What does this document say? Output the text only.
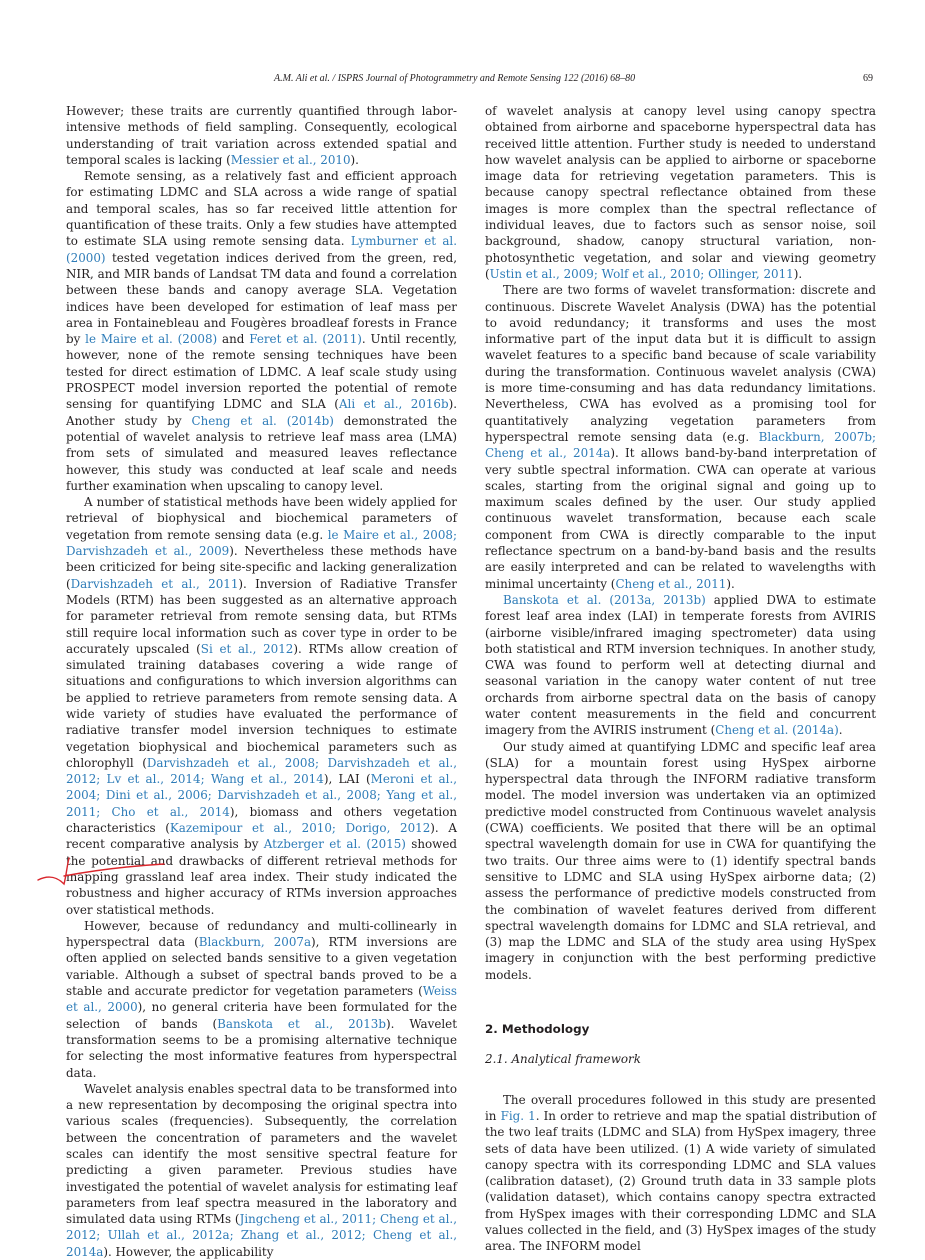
A.M. Ali et al. / ISPRS Journal of Photogrammetry and Remote Sensing 122 (2016) 68–80	69

However; these traits are currently quantified through labor-intensive methods of field sampling. Consequently, ecological understanding of trait variation across extended spatial and temporal scales is lacking (Messier et al., 2010).

Remote sensing, as a relatively fast and efficient approach for estimating LDMC and SLA across a wide range of spatial and temporal scales, has so far received little attention for quantification of these traits. Only a few studies have attempted to estimate SLA using remote sensing data. Lymburner et al. (2000) tested vegetation indices derived from the green, red, NIR, and MIR bands of Landsat TM data and found a correlation between these bands and canopy average SLA. Vegetation indices have been developed for estimation of leaf mass per area in Fontainebleau and Fougères broadleaf forests in France by le Maire et al. (2008) and Feret et al. (2011). Until recently, however, none of the remote sensing techniques have been tested for direct estimation of LDMC. A leaf scale study using PROSPECT model inversion reported the potential of remote sensing for quantifying LDMC and SLA (Ali et al., 2016b). Another study by Cheng et al. (2014b) demonstrated the potential of wavelet analysis to retrieve leaf mass area (LMA) from sets of simulated and measured leaves reflectance however, this study was conducted at leaf scale and needs further examination when upscaling to canopy level.

A number of statistical methods have been widely applied for retrieval of biophysical and biochemical parameters of vegetation from remote sensing data (e.g. le Maire et al., 2008; Darvishzadeh et al., 2009). Nevertheless these methods have been criticized for being site-specific and lacking generalization (Darvishzadeh et al., 2011). Inversion of Radiative Transfer Models (RTM) has been suggested as an alternative approach for parameter retrieval from remote sensing data, but RTMs still require local information such as cover type in order to be accurately upscaled (Si et al., 2012). RTMs allow creation of simulated training databases covering a wide range of situations and configurations to which inversion algorithms can be applied to retrieve parameters from remote sensing data. A wide variety of studies have evaluated the performance of radiative transfer model inversion techniques to estimate vegetation biophysical and biochemical parameters such as chlorophyll (Darvishzadeh et al., 2008; Darvishzadeh et al., 2012; Lv et al., 2014; Wang et al., 2014), LAI (Meroni et al., 2004; Dini et al., 2006; Darvishzadeh et al., 2008; Yang et al., 2011; Cho et al., 2014), biomass and others vegetation characteristics (Kazemipour et al., 2010; Dorigo, 2012). A recent comparative analysis by Atzberger et al. (2015) showed the potential and drawbacks of different retrieval methods for mapping grassland leaf area index. Their study indicated the robustness and higher accuracy of RTMs inversion approaches over statistical methods.

However, because of redundancy and multi-collinearly in hyperspectral data (Blackburn, 2007a), RTM inversions are often applied on selected bands sensitive to a given vegetation variable. Although a subset of spectral bands proved to be a stable and accurate predictor for vegetation parameters (Weiss et al., 2000), no general criteria have been formulated for the selection of bands (Banskota et al., 2013b). Wavelet transformation seems to be a promising alternative technique for selecting the most informative features from hyperspectral data.

Wavelet analysis enables spectral data to be transformed into a new representation by decomposing the original spectra into various scales (frequencies). Subsequently, the correlation between the concentration of parameters and the wavelet scales can identify the most sensitive spectral feature for predicting a given parameter. Previous studies have investigated the potential of wavelet analysis for estimating leaf parameters from leaf spectra measured in the laboratory and simulated data using RTMs (Jingcheng et al., 2011; Cheng et al., 2012; Ullah et al., 2012a; Zhang et al., 2012; Cheng et al., 2014a). However, the applicability

of wavelet analysis at canopy level using canopy spectra obtained from airborne and spaceborne hyperspectral data has received little attention. Further study is needed to understand how wavelet analysis can be applied to airborne or spaceborne image data for retrieving vegetation parameters. This is because canopy spectral reflectance obtained from these images is more complex than the spectral reflectance of individual leaves, due to factors such as sensor noise, soil background, shadow, canopy structural variation, non-photosynthetic vegetation, and solar and viewing geometry (Ustin et al., 2009; Wolf et al., 2010; Ollinger, 2011).

There are two forms of wavelet transformation: discrete and continuous. Discrete Wavelet Analysis (DWA) has the potential to avoid redundancy; it transforms and uses the most informative part of the input data but it is difficult to assign wavelet features to a specific band because of scale variability during the transformation. Continuous wavelet analysis (CWA) is more time-consuming and has data redundancy limitations. Nevertheless, CWA has evolved as a promising tool for quantitatively analyzing vegetation parameters from hyperspectral remote sensing data (e.g. Blackburn, 2007b; Cheng et al., 2014a). It allows band-by-band interpretation of very subtle spectral information. CWA can operate at various scales, starting from the original signal and going up to maximum scales defined by the user. Our study applied continuous wavelet transformation, because each scale component from CWA is directly comparable to the input reflectance spectrum on a band-by-band basis and the results are easily interpreted and can be related to wavelengths with minimal uncertainty (Cheng et al., 2011).

Banskota et al. (2013a, 2013b) applied DWA to estimate forest leaf area index (LAI) in temperate forests from AVIRIS (airborne visible/infrared imaging spectrometer) data using both statistical and RTM inversion techniques. In another study, CWA was found to perform well at detecting diurnal and seasonal variation in the canopy water content of nut tree orchards from airborne spectral data on the basis of canopy water content measurements in the field and concurrent imagery from the AVIRIS instrument (Cheng et al. (2014a).

Our study aimed at quantifying LDMC and specific leaf area (SLA) for a mountain forest using HySpex airborne hyperspectral data through the INFORM radiative transform model. The model inversion was undertaken via an optimized predictive model constructed from Continuous wavelet analysis (CWA) coefficients. We posited that there will be an optimal spectral wavelength domain for use in CWA for quantifying the two traits. Our three aims were to (1) identify spectral bands sensitive to LDMC and SLA using HySpex airborne data; (2) assess the performance of predictive models constructed from the combination of wavelet features derived from different spectral wavelength domains for LDMC and SLA retrieval, and (3) map the LDMC and SLA of the study area using HySpex imagery in conjunction with the best performing predictive models.

2. Methodology
2.1. Analytical framework

The overall procedures followed in this study are presented in Fig. 1. In order to retrieve and map the spatial distribution of the two leaf traits (LDMC and SLA) from HySpex imagery, three sets of data have been utilized. (1) A wide variety of simulated canopy spectra with its corresponding LDMC and SLA values (calibration dataset), (2) Ground truth data in 33 sample plots (validation dataset), which contains canopy spectra extracted from HySpex images with their corresponding LDMC and SLA values collected in the field, and (3) HySpex images of the study area. The INFORM model
